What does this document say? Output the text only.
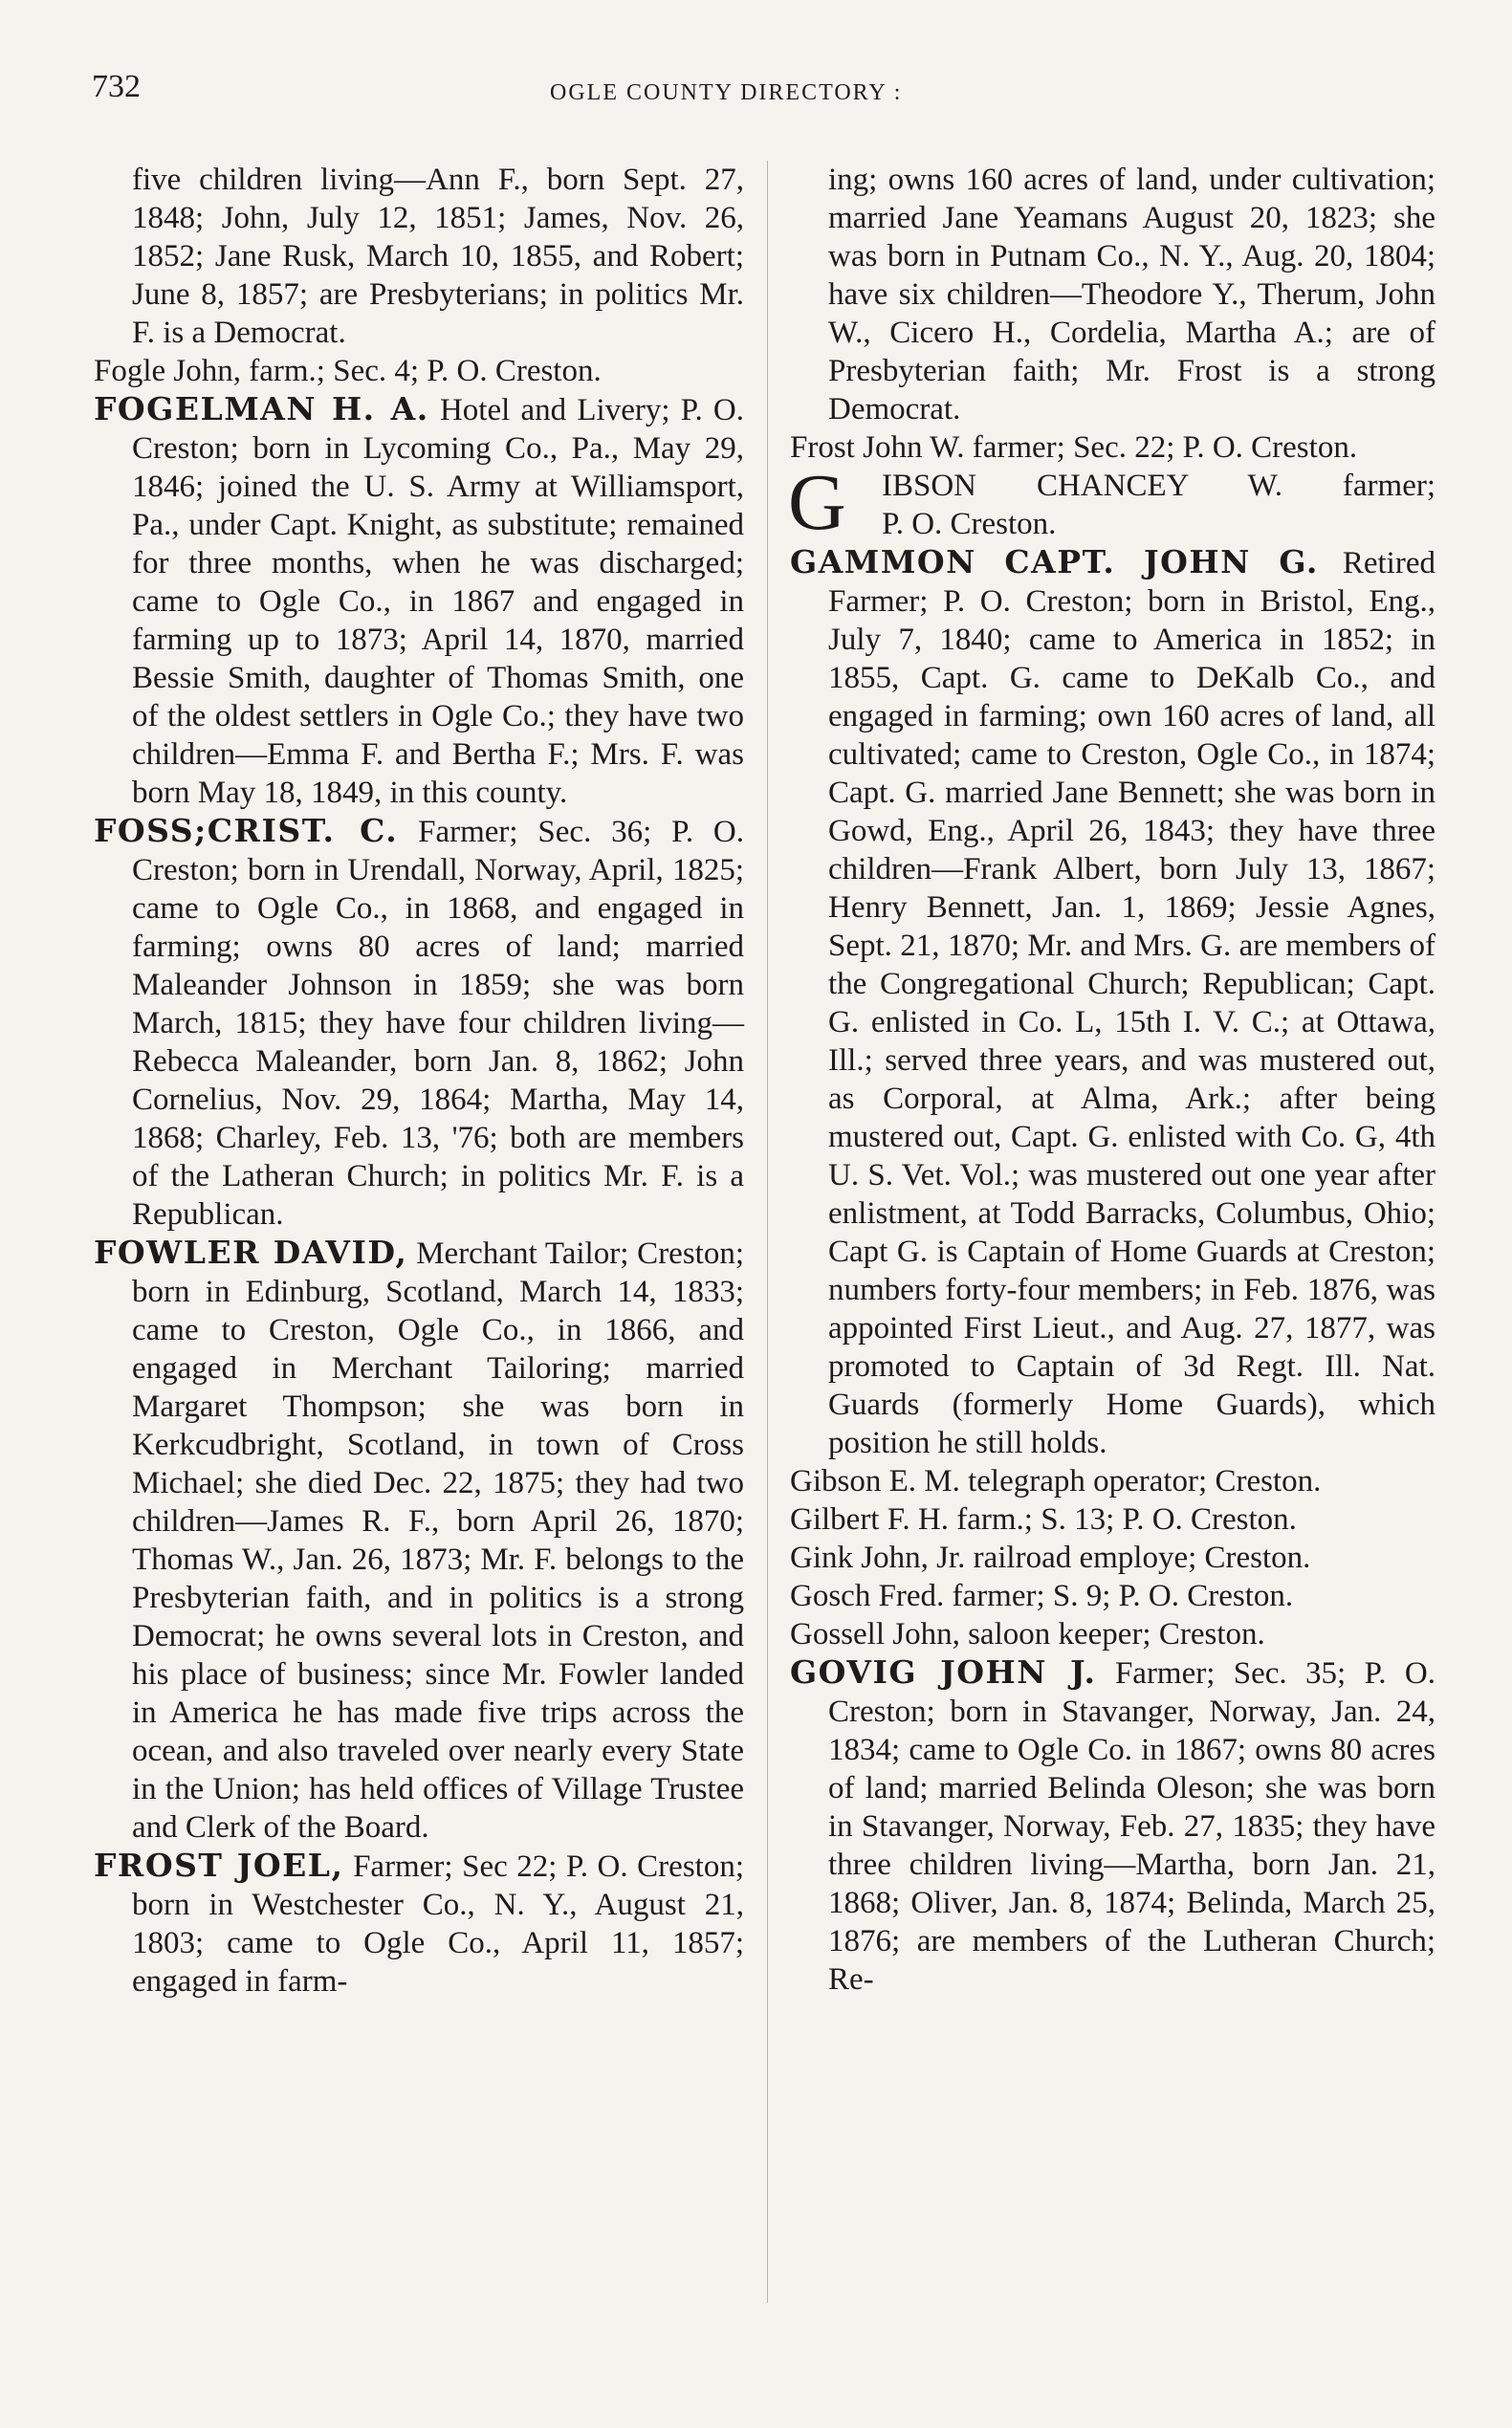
732	OGLE COUNTY DIRECTORY :
five children living—Ann F., born Sept. 27, 1848; John, July 12, 1851; James, Nov. 26, 1852; Jane Rusk, March 10, 1855, and Robert; June 8, 1857; are Presbyterians; in politics Mr. F. is a Democrat.
Fogle John, farm.; Sec. 4; P. O. Creston.
FOGELMAN H. A. Hotel and Livery; P. O. Creston; born in Lycoming Co., Pa., May 29, 1846; joined the U. S. Army at Williamsport, Pa., under Capt. Knight, as substitute; remained for three months, when he was discharged; came to Ogle Co., in 1867 and engaged in farming up to 1873; April 14, 1870, married Bessie Smith, daughter of Thomas Smith, one of the oldest settlers in Ogle Co.; they have two children—Emma F. and Bertha F.; Mrs. F. was born May 18, 1849, in this county.
FOSS;CRIST. C. Farmer; Sec. 36; P. O. Creston; born in Urendall, Norway, April, 1825; came to Ogle Co., in 1868, and engaged in farming; owns 80 acres of land; married Maleander Johnson in 1859; she was born March, 1815; they have four children living—Rebecca Maleander, born Jan. 8, 1862; John Cornelius, Nov. 29, 1864; Martha, May 14, 1868; Charley, Feb. 13, '76; both are members of the Latheran Church; in politics Mr. F. is a Republican.
FOWLER DAVID, Merchant Tailor; Creston; born in Edinburg, Scotland, March 14, 1833; came to Creston, Ogle Co., in 1866, and engaged in Merchant Tailoring; married Margaret Thompson; she was born in Kerkcudbright, Scotland, in town of Cross Michael; she died Dec. 22, 1875; they had two children—James R. F., born April 26, 1870; Thomas W., Jan. 26, 1873; Mr. F. belongs to the Presbyterian faith, and in politics is a strong Democrat; he owns several lots in Creston, and his place of business; since Mr. Fowler landed in America he has made five trips across the ocean, and also traveled over nearly every State in the Union; has held offices of Village Trustee and Clerk of the Board.
FROST JOEL, Farmer; Sec 22; P. O. Creston; born in Westchester Co., N. Y., August 21, 1803; came to Ogle Co., April 11, 1857; engaged in farm-
ing; owns 160 acres of land, under cultivation; married Jane Yeamans August 20, 1823; she was born in Putnam Co., N. Y., Aug. 20, 1804; have six children—Theodore Y., Therum, John W., Cicero H., Cordelia, Martha A.; are of Presbyterian faith; Mr. Frost is a strong Democrat.
Frost John W. farmer; Sec. 22; P. O. Creston.
G	IBSON CHANCEY W. farmer;
P. O. Creston.
GAMMON CAPT. JOHN G. Retired Farmer; P. O. Creston; born in Bristol, Eng., July 7, 1840; came to America in 1852; in 1855, Capt. G. came to DeKalb Co., and engaged in farming; own 160 acres of land, all cultivated; came to Creston, Ogle Co., in 1874; Capt. G. married Jane Bennett; she was born in Gowd, Eng., April 26, 1843; they have three children—Frank Albert, born July 13, 1867; Henry Bennett, Jan. 1, 1869; Jessie Agnes, Sept. 21, 1870; Mr. and Mrs. G. are members of the Congregational Church; Republican; Capt. G. enlisted in Co. L, 15th I. V. C.; at Ottawa, Ill.; served three years, and was mustered out, as Corporal, at Alma, Ark.; after being mustered out, Capt. G. enlisted with Co. G, 4th U. S. Vet. Vol.; was mustered out one year after enlistment, at Todd Barracks, Columbus, Ohio; Capt G. is Captain of Home Guards at Creston; numbers forty-four members; in Feb. 1876, was appointed First Lieut., and Aug. 27, 1877, was promoted to Captain of 3d Regt. Ill. Nat. Guards (formerly Home Guards), which position he still holds.
Gibson E. M. telegraph operator; Creston.
Gilbert F. H. farm.; S. 13; P. O. Creston.
Gink John, Jr. railroad employe; Creston.
Gosch Fred. farmer; S. 9; P. O. Creston.
Gossell John, saloon keeper; Creston.
GOVIG JOHN J. Farmer; Sec. 35; P. O. Creston; born in Stavanger, Norway, Jan. 24, 1834; came to Ogle Co. in 1867; owns 80 acres of land; married Belinda Oleson; she was born in Stavanger, Norway, Feb. 27, 1835; they have three children living—Martha, born Jan. 21, 1868; Oliver, Jan. 8, 1874; Belinda, March 25, 1876; are members of the Lutheran Church; Re-
